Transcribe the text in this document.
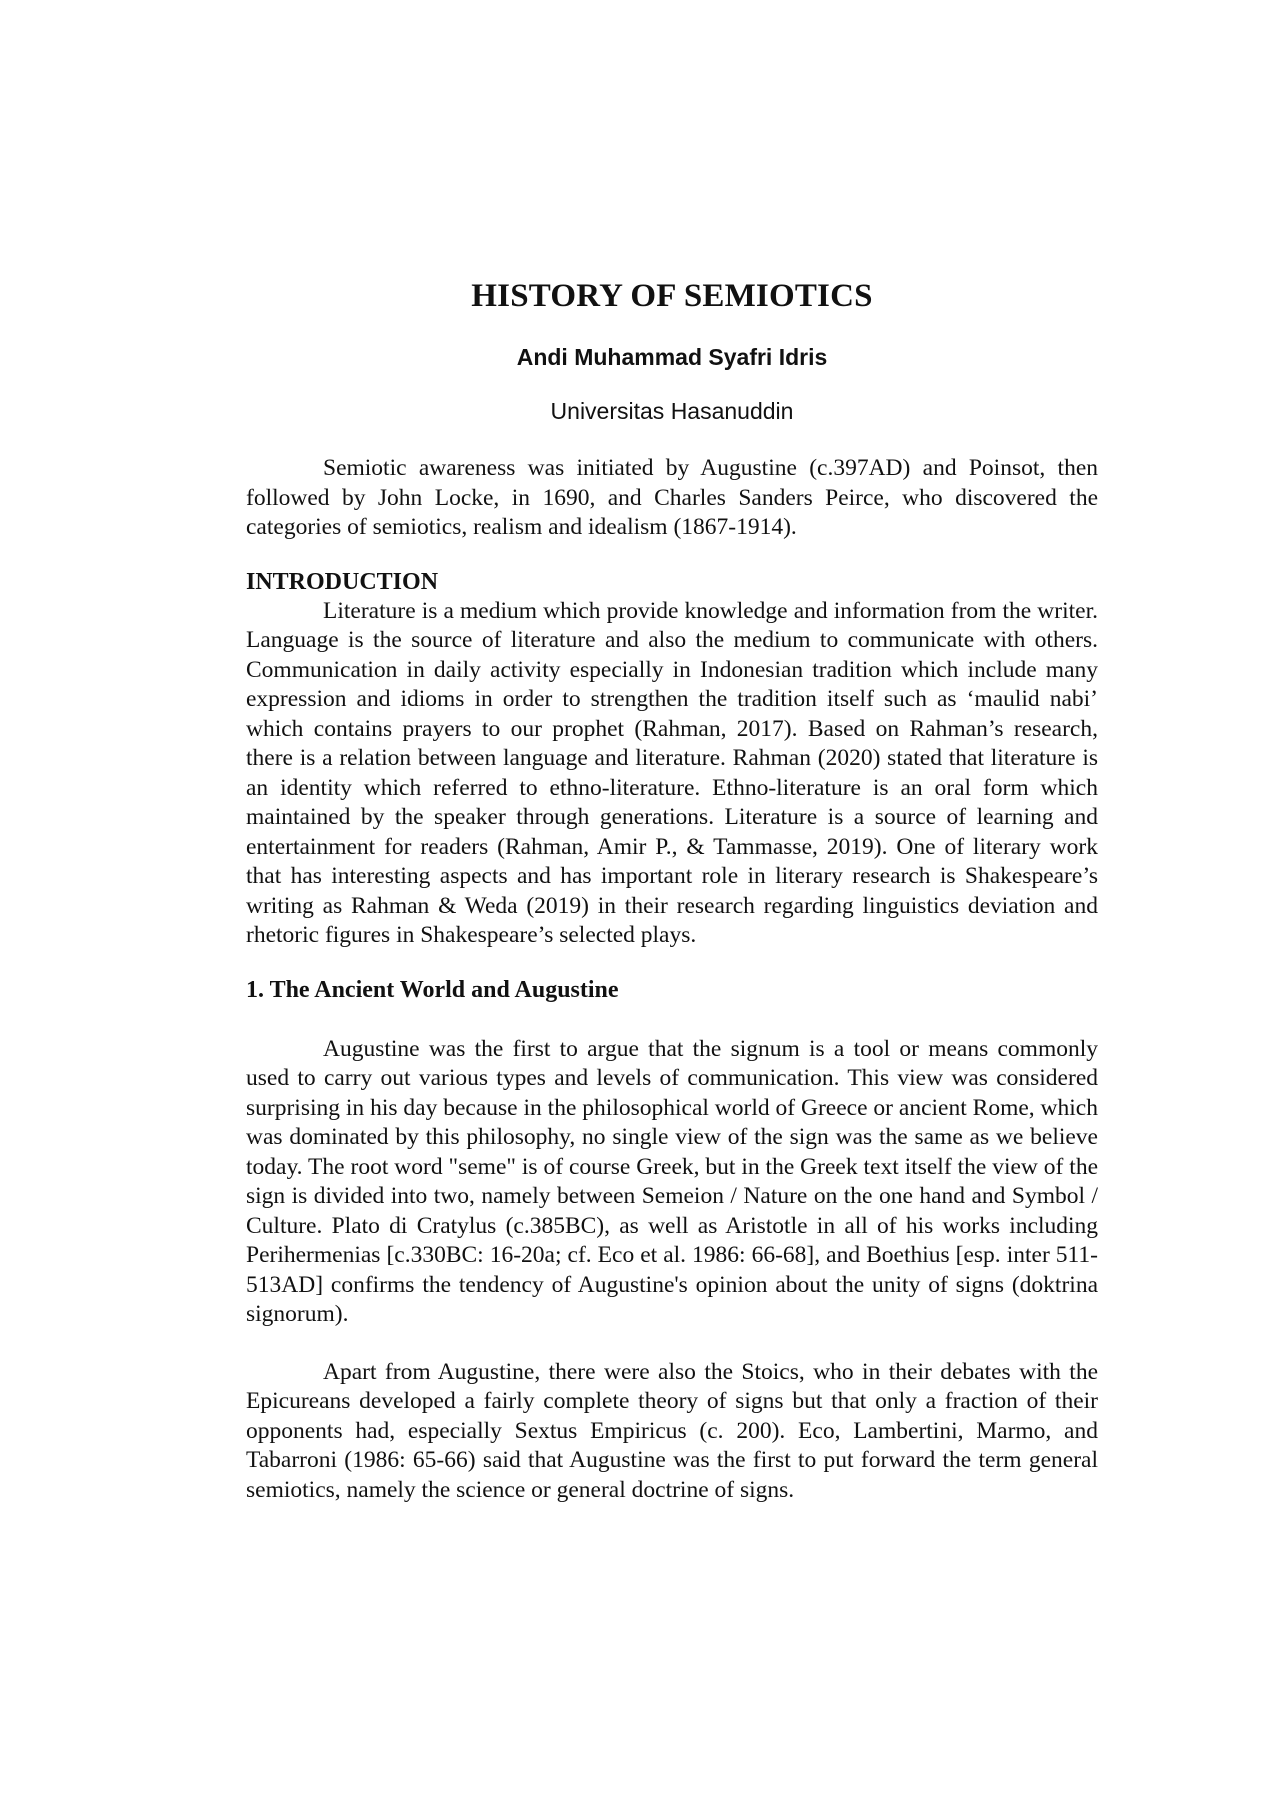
HISTORY OF SEMIOTICS
Andi Muhammad Syafri Idris
Universitas Hasanuddin

Semiotic awareness was initiated by Augustine (c.397AD) and Poinsot, then followed by John Locke, in 1690, and Charles Sanders Peirce, who discovered the categories of semiotics, realism and idealism (1867-1914).

INTRODUCTION

Literature is a medium which provide knowledge and information from the writer. Language is the source of literature and also the medium to communicate with others. Communication in daily activity especially in Indonesian tradition which include many expression and idioms in order to strengthen the tradition itself such as ‘maulid nabi’ which contains prayers to our prophet (Rahman, 2017). Based on Rahman’s research, there is a relation between language and literature. Rahman (2020) stated that literature is an identity which referred to ethno-literature. Ethno-literature is an oral form which maintained by the speaker through generations. Literature is a source of learning and entertainment for readers (Rahman, Amir P., & Tammasse, 2019). One of literary work that has interesting aspects and has important role in literary research is Shakespeare’s writing as Rahman & Weda (2019) in their research regarding linguistics deviation and rhetoric figures in Shakespeare’s selected plays.

1. The Ancient World and Augustine

Augustine was the first to argue that the signum is a tool or means commonly used to carry out various types and levels of communication. This view was considered surprising in his day because in the philosophical world of Greece or ancient Rome, which was dominated by this philosophy, no single view of the sign was the same as we believe today. The root word "seme" is of course Greek, but in the Greek text itself the view of the sign is divided into two, namely between Semeion / Nature on the one hand and Symbol / Culture. Plato di Cratylus (c.385BC), as well as Aristotle in all of his works including Perihermenias [c.330BC: 16-20a; cf. Eco et al. 1986: 66-68], and Boethius [esp. inter 511-513AD] confirms the tendency of Augustine's opinion about the unity of signs (doktrina signorum).

Apart from Augustine, there were also the Stoics, who in their debates with the Epicureans developed a fairly complete theory of signs but that only a fraction of their opponents had, especially Sextus Empiricus (c. 200). Eco, Lambertini, Marmo, and Tabarroni (1986: 65-66) said that Augustine was the first to put forward the term general semiotics, namely the science or general doctrine of signs.
